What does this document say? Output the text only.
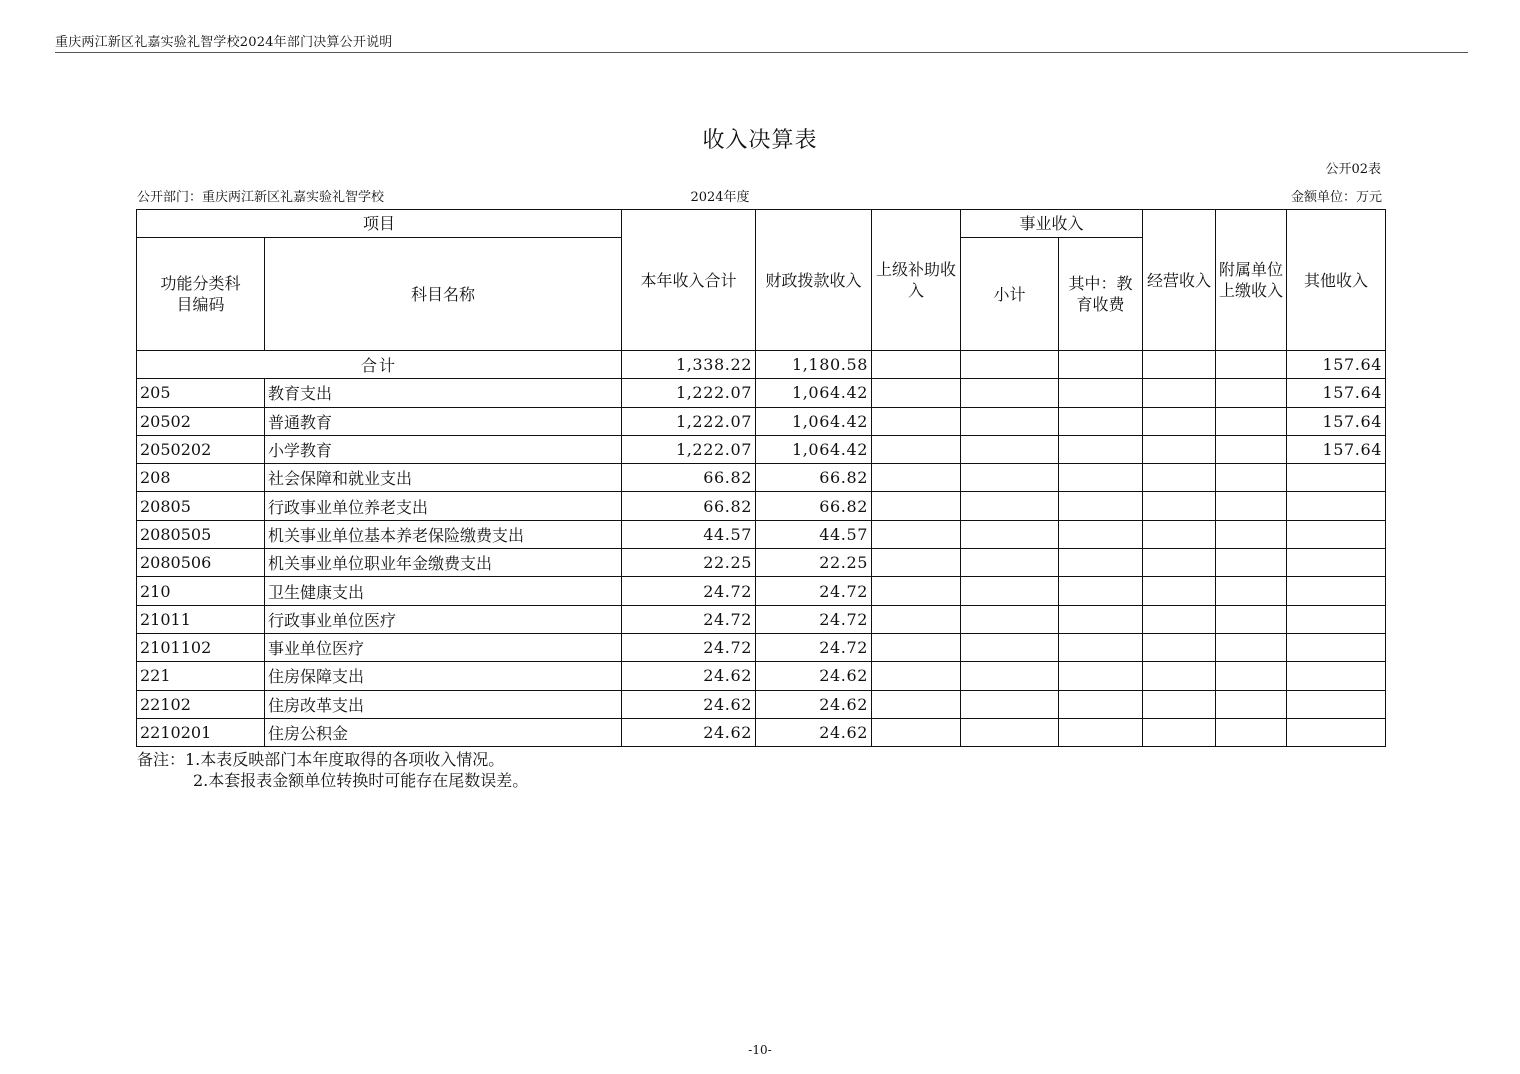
重庆两江新区礼嘉实验礼智学校2024年部门决算公开说明
收入决算表
公开02表
公开部门：重庆两江新区礼嘉实验礼智学校	2024年度	金额单位：万元
项目		本年收入合计	财政拨款收入	上级补助收入	事业收入		经营收入	附属单位上缴收入	其他收入
功能分类科目编码	科目名称				小计	其中：教育收费			
合计		1,338.22	1,180.58						157.64
205	教育支出	1,222.07	1,064.42						157.64
20502	普通教育	1,222.07	1,064.42						157.64
2050202	小学教育	1,222.07	1,064.42						157.64
208	社会保障和就业支出	66.82	66.82						
20805	行政事业单位养老支出	66.82	66.82						
2080505	机关事业单位基本养老保险缴费支出	44.57	44.57						
2080506	机关事业单位职业年金缴费支出	22.25	22.25						
210	卫生健康支出	24.72	24.72						
21011	行政事业单位医疗	24.72	24.72						
2101102	事业单位医疗	24.72	24.72						
221	住房保障支出	24.62	24.62						
22102	住房改革支出	24.62	24.62						
2210201	住房公积金	24.62	24.62						
备注：1.本表反映部门本年度取得的各项收入情况。
2.本套报表金额单位转换时可能存在尾数误差。
-10-
